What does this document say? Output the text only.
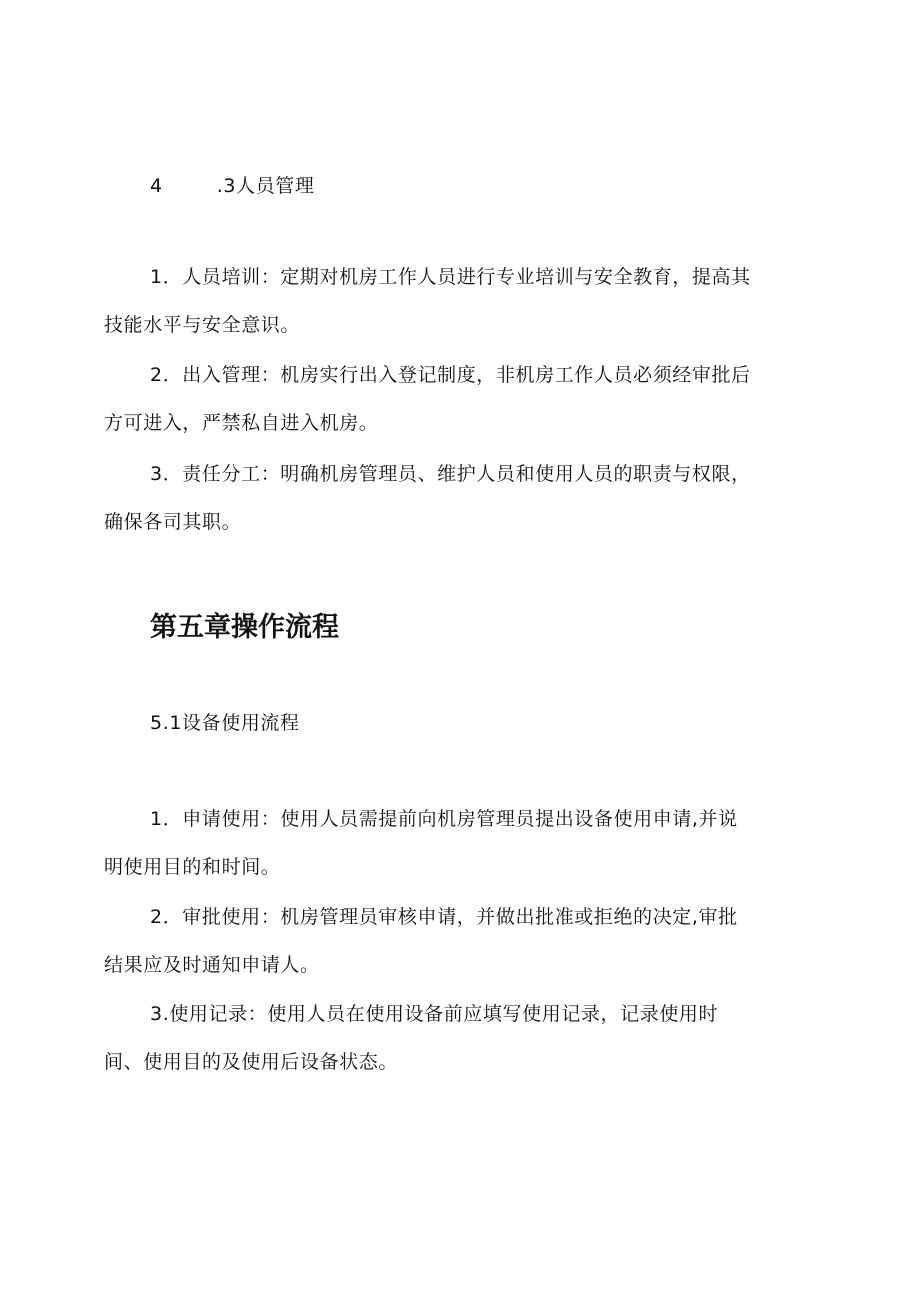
4	.3人员管理

1．人员培训：定期对机房工作人员进行专业培训与安全教育，提高其

技能水平与安全意识。

2．出入管理：机房实行出入登记制度，非机房工作人员必须经审批后

方可进入，严禁私自进入机房。

3．责任分工：明确机房管理员、维护人员和使用人员的职责与权限，

确保各司其职。

第五章操作流程

5.1设备使用流程

1．申请使用：使用人员需提前向机房管理员提出设备使用申请,并说

明使用目的和时间。

2．审批使用：机房管理员审核申请，并做出批准或拒绝的决定,审批

结果应及时通知申请人。

3.使用记录：使用人员在使用设备前应填写使用记录，记录使用时

间、使用目的及使用后设备状态。
